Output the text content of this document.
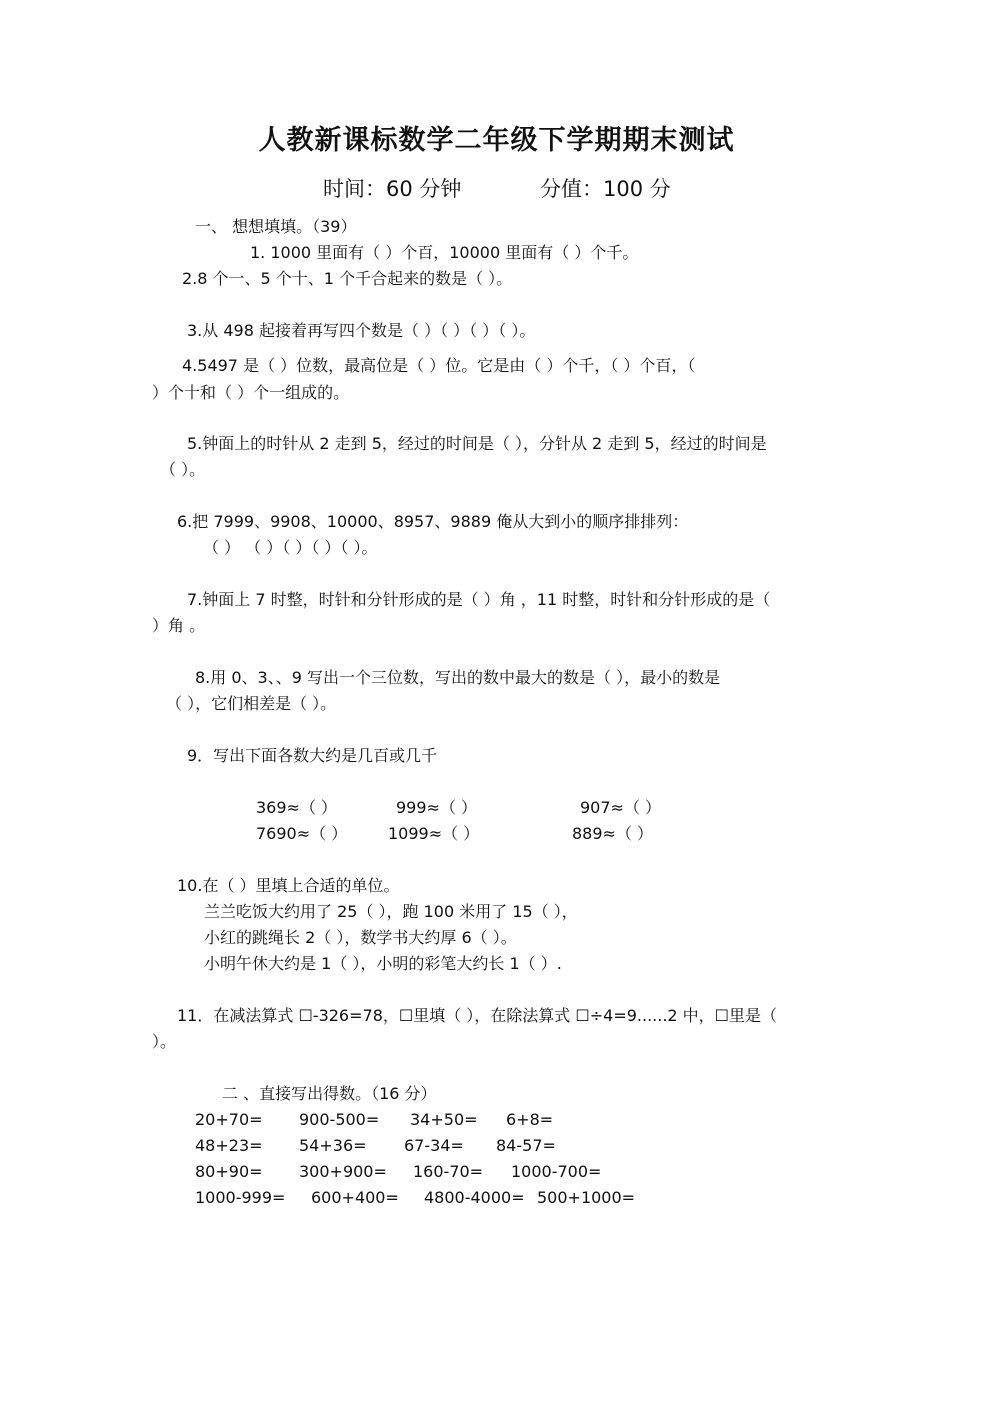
人教新课标数学二年级下学期期末测试
时间：60 分钟	分值：100 分
一、 想想填填。（39）
1. 1000 里面有（ ）个百，10000 里面有（ ）个千。
2.8 个一、5 个十、1 个千合起来的数是（ ）。
3.从 498 起接着再写四个数是（ ）（ ）（ ）（ ）。
4.5497 是（ ）位数，最高位是（ ）位。它是由（ ）个千，（ ）个百，（
）个十和（ ）个一组成的。
5.钟面上的时针从 2 走到 5，经过的时间是（ ），分针从 2 走到 5，经过的时间是
（ ）。
6.把 7999、9908、10000、8957、9889 俺从大到小的顺序排排列：
（ ） （ ）（ ）（ ）（ ）。
7.钟面上 7 时整，时针和分针形成的是（ ）角 ，11 时整，时针和分针形成的是（
）角 。
8.用 0、3、、9 写出一个三位数，写出的数中最大的数是（ ），最小的数是
（ ），它们相差是（ ）。
9．写出下面各数大约是几百或几千
369≈（ ）	999≈（ ）	907≈（ ）
7690≈（ ）	1099≈（ ）	889≈（ ）
10.在（ ）里填上合适的单位。
兰兰吃饭大约用了 25（ ），跑 100 米用了 15（ ），
小红的跳绳长 2（ ），数学书大约厚 6（ ）。
小明午休大约是 1（ ），小明的彩笔大约长 1（ ）.
11．在减法算式 ☐-326=78，☐里填（ ），在除法算式 ☐÷4=9......2 中，☐里是（
）。
二 、直接写出得数。（16 分）
20+70= 900-500= 34+50= 6+8=
48+23= 54+36= 67-34= 84-57=
80+90= 300+900= 160-70= 1000-700=
1000-999= 600+400= 4800-4000= 500+1000=
